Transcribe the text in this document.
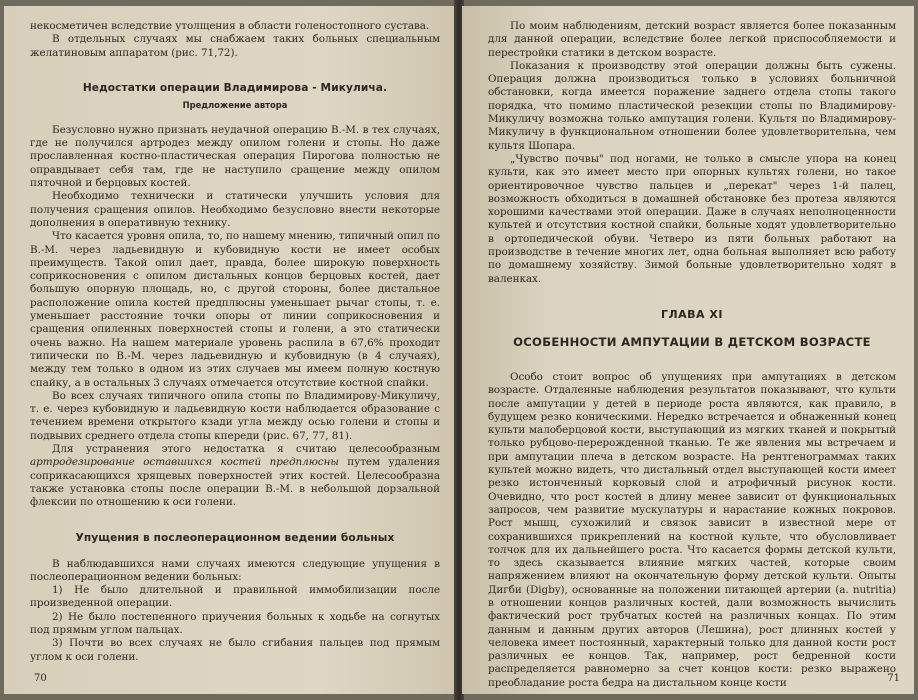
некосметичен вследствие утолщения в области голеностопного сустава.

В отдельных случаях мы снабжаем таких больных специальным желатиновым аппаратом (рис. 71,72).

Недостатки операции Владимирова - Микулича.
Предложение автора

Безусловно нужно признать неудачной операцию В.-М. в тех случаях, где не получился артродез между опилом голени и стопы. Но даже прославленная костно-пластическая операция Пирогова полностью не оправдывает себя там, где не наступило сращение между опилом пяточной и берцовых костей.

Необходимо технически и статически улучшить условия для получения сращения опилов. Необходимо безусловно внести некоторые дополнения в оперативную технику.

Что касается уровня опила, то, по нашему мнению, типичный опил по В.-М. через ладьевидную и кубовидную кости не имеет особых преимуществ. Такой опил дает, правда, более широкую поверхность соприкосновения с опилом дистальных концов берцовых костей, дает большую опорную площадь, но, с другой стороны, более дистальное расположение опила костей предплюсны уменьшает рычаг стопы, т. е. уменьшает расстояние точки опоры от линии соприкосновения и сращения опиленных поверхностей стопы и голени, а это статически очень важно. На нашем материале уровень распила в 67,6% проходит типически по В.-М. через ладьевидную и кубовидную (в 4 случаях), между тем только в одном из этих случаев мы имеем полную костную спайку, а в остальных 3 случаях отмечается отсутствие костной спайки.

Во всех случаях типичного опила стопы по Владимирову-Микуличу, т. е. через кубовидную и ладьевидную кости наблюдается образование с течением времени открытого кзади угла между осью голени и стопы и подвывих среднего отдела стопы кпереди (рис. 67, 77, 81).

Для устранения этого недостатка я считаю целесообразным артродезирование оставшихся костей предплюсны путем удаления соприкасающихся хрящевых поверхностей этих костей. Целесообразна также установка стопы после операции В.-М. в небольшой дорзальной флексии по отношению к оси голени.

Упущения в послеоперационном ведении больных

В наблюдавшихся нами случаях имеются следующие упущения в послеоперационном ведении больных:

1) Не было длительной и правильной иммобилизации после произведенной операции.

2) Не было постепенного приучения больных к ходьбе на согнутых под прямым углом пальцах.

3) Почти во всех случаях не было сгибания пальцев под прямым углом к оси голени.

70

По моим наблюдениям, детский возраст является более показанным для данной операции, вследствие более легкой приспособляемости и перестройки статики в детском возрасте.

Показания к производству этой операции должны быть сужены. Операция должна производиться только в условиях больничной обстановки, когда имеется поражение заднего отдела стопы такого порядка, что помимо пластической резекции стопы по Владимирову-Микуличу возможна только ампутация голени. Культя по Владимирову-Микуличу в функциональном отношении более удовлетворительна, чем культя Шопара.

„Чувство почвы" под ногами, не только в смысле упора на конец культи, как это имеет место при опорных культях голени, но такое ориентировочное чувство пальцев и „перекат" через 1-й палец, возможность обходиться в домашней обстановке без протеза являются хорошими качествами этой операции. Даже в случаях неполноценности культей и отсутствия костной спайки, больные ходят удовлетворительно в ортопедической обуви. Четверо из пяти больных работают на производстве в течение многих лет, одна больная выполняет всю работу по домашнему хозяйству. Зимой больные удовлетворительно ходят в валенках.

ГЛАВА XI
ОСОБЕННОСТИ АМПУТАЦИИ В ДЕТСКОМ ВОЗРАСТЕ

Особо стоит вопрос об упущениях при ампутациях в детском возрасте. Отдаленные наблюдения результатов показывают, что культи после ампутации у детей в периоде роста являются, как правило, в будущем резко коническими. Нередко встречается и обнаженный конец культи малоберцовой кости, выступающий из мягких тканей и покрытый только рубцово-перерожденной тканью. Те же явления мы встречаем и при ампутации плеча в детском возрасте. На рентгенограммах таких культей можно видеть, что дистальный отдел выступающей кости имеет резко истонченный корковый слой и атрофичный рисунок кости. Очевидно, что рост костей в длину менее зависит от функциональных запросов, чем развитие мускулатуры и нарастание кожных покровов. Рост мышц, сухожилий и связок зависит в известной мере от сохранившихся прикреплений на костной культе, что обусловливает толчок для их дальнейшего роста. Что касается формы детской культи, то здесь сказывается влияние мягких частей, которые своим напряжением влияют на окончательную форму детской культи. Опыты Дигби (Digby), основанные на положении питающей артерии (a. nutritia) в отношении концов различных костей, дали возможность вычислить фактический рост трубчатых костей на различных концах. По этим данным и данным других авторов (Лешина), рост длинных костей у человека имеет постоянный, характерный только для данной кости рост различных ее концов. Так, например, рост бедренной кости распределяется равномерно за счет концов кости: резко выражено преобладание роста бедра на дистальном конце кости	71
